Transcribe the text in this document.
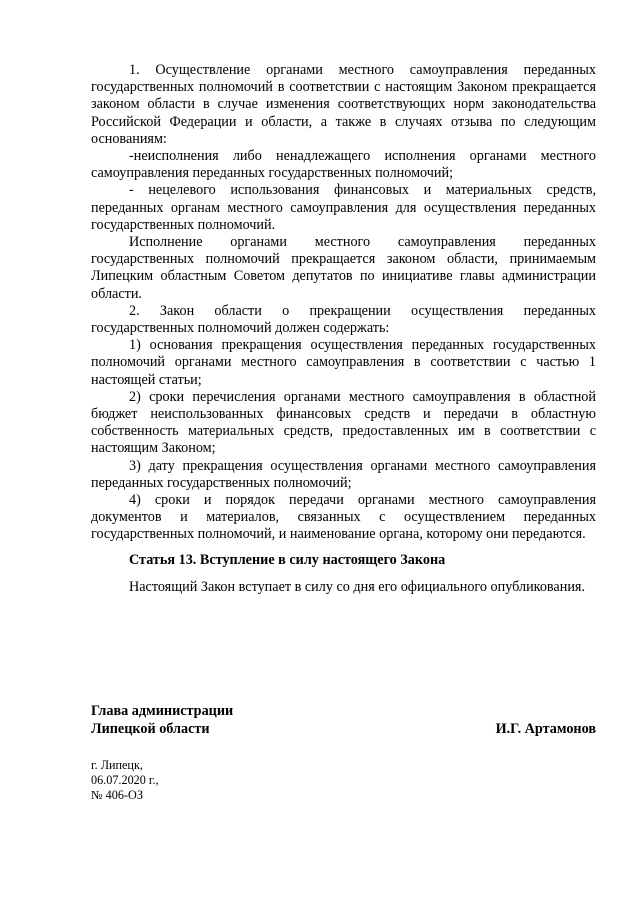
1. Осуществление органами местного самоуправления переданных государственных полномочий в соответствии с настоящим Законом прекращается законом области в случае изменения соответствующих норм законодательства Российской Федерации и области, а также в случаях отзыва по следующим основаниям:

-неисполнения либо ненадлежащего исполнения органами местного самоуправления переданных государственных полномочий;

- нецелевого использования финансовых и материальных средств, переданных органам местного самоуправления для осуществления переданных государственных полномочий.

Исполнение органами местного самоуправления переданных государственных полномочий прекращается законом области, принимаемым Липецким областным Советом депутатов по инициативе главы администрации области.

2. Закон области о прекращении осуществления переданных государственных полномочий должен содержать:

1) основания прекращения осуществления переданных государственных полномочий органами местного самоуправления в соответствии с частью 1 настоящей статьи;

2) сроки перечисления органами местного самоуправления в областной бюджет неиспользованных финансовых средств и передачи в областную собственность материальных средств, предоставленных им в соответствии с настоящим Законом;

3) дату прекращения осуществления органами местного самоуправления переданных государственных полномочий;

4) сроки и порядок передачи органами местного самоуправления документов и материалов, связанных с осуществлением переданных государственных полномочий, и наименование органа, которому они передаются.

Статья 13. Вступление в силу настоящего Закона

Настоящий Закон вступает в силу со дня его официального опубликования.

Глава администрации
Липецкой области	И.Г. Артамонов
г. Липецк,
06.07.2020 г.,
№ 406-ОЗ
